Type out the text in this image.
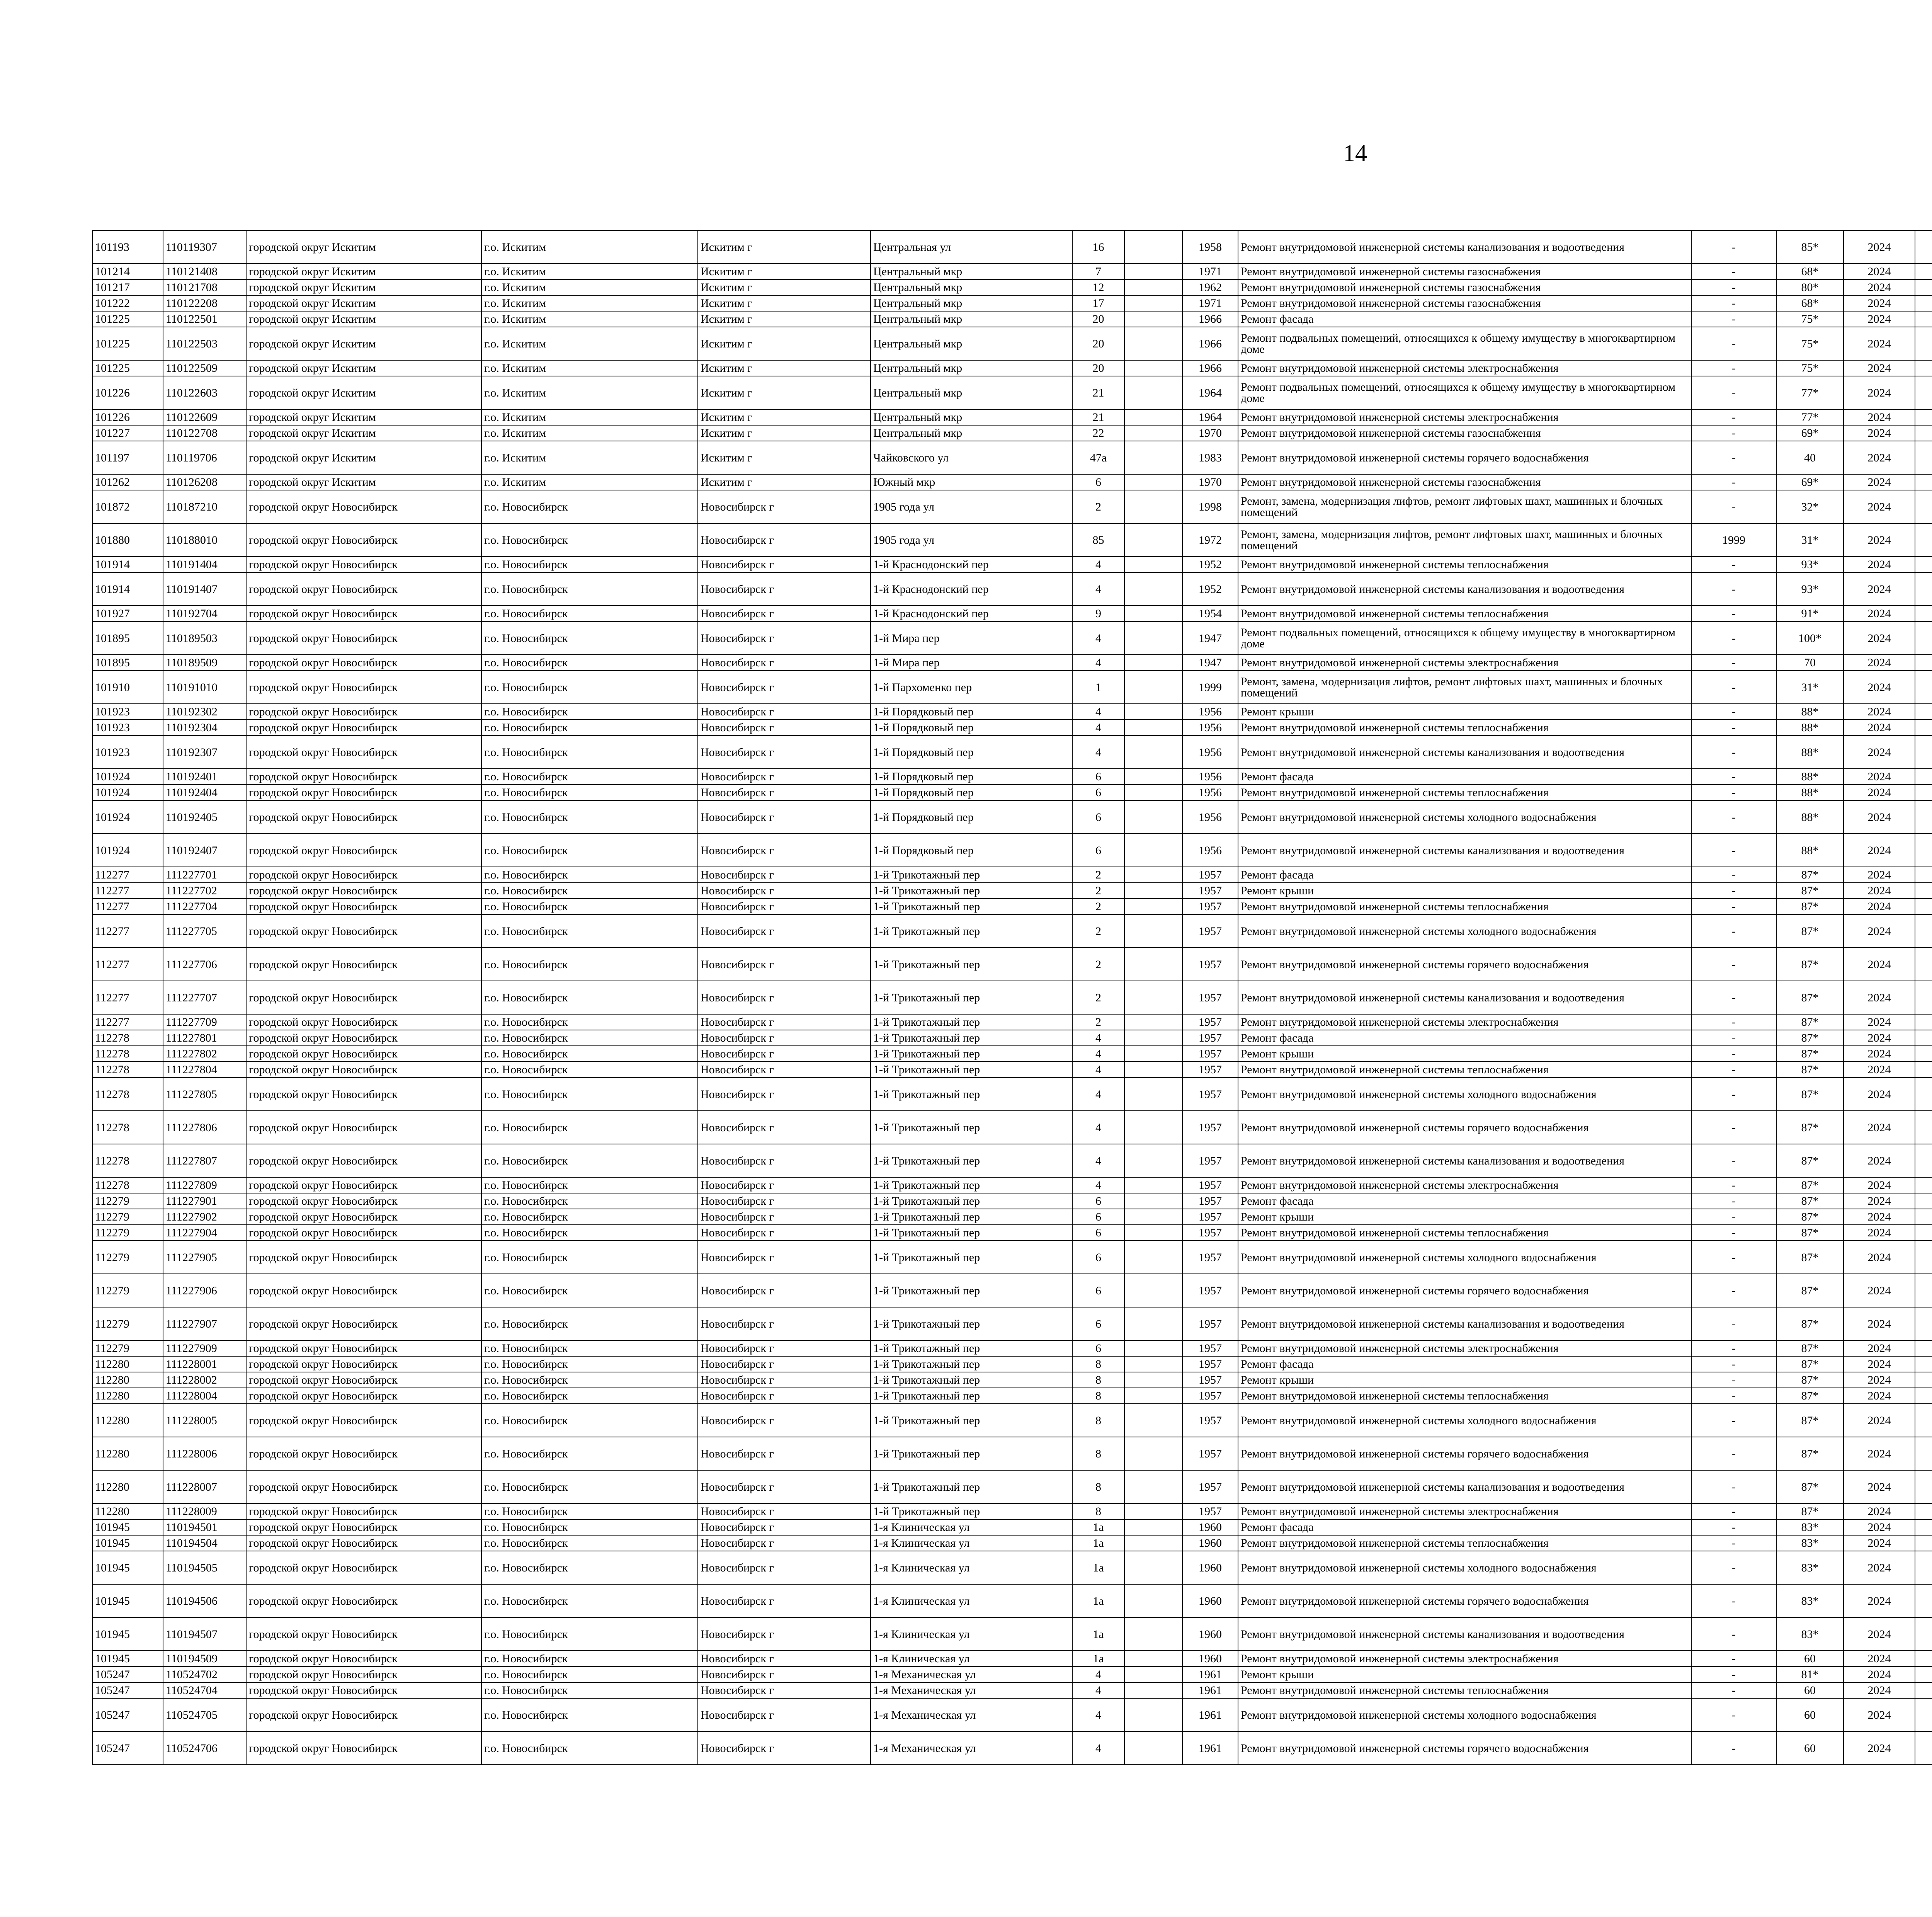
14
101193	110119307	городской округ Искитим	г.о. Искитим	Искитим г	Центральная ул	16		1958	Ремонт внутридомовой инженерной системы канализования и водоотведения	-	85*	2024						
101214	110121408	городской округ Искитим	г.о. Искитим	Искитим г	Центральный мкр	7		1971	Ремонт внутридомовой инженерной системы газоснабжения	-	68*	2024						
101217	110121708	городской округ Искитим	г.о. Искитим	Искитим г	Центральный мкр	12		1962	Ремонт внутридомовой инженерной системы газоснабжения	-	80*	2024						
101222	110122208	городской округ Искитим	г.о. Искитим	Искитим г	Центральный мкр	17		1971	Ремонт внутридомовой инженерной системы газоснабжения	-	68*	2024						
101225	110122501	городской округ Искитим	г.о. Искитим	Искитим г	Центральный мкр	20		1966	Ремонт фасада	-	75*	2024						
101225	110122503	городской округ Искитим	г.о. Искитим	Искитим г	Центральный мкр	20		1966	Ремонт подвальных помещений, относящихся к общему имуществу в многоквартирном доме	-	75*	2024						
101225	110122509	городской округ Искитим	г.о. Искитим	Искитим г	Центральный мкр	20		1966	Ремонт внутридомовой инженерной системы электроснабжения	-	75*	2024						
101226	110122603	городской округ Искитим	г.о. Искитим	Искитим г	Центральный мкр	21		1964	Ремонт подвальных помещений, относящихся к общему имуществу в многоквартирном доме	-	77*	2024						
101226	110122609	городской округ Искитим	г.о. Искитим	Искитим г	Центральный мкр	21		1964	Ремонт внутридомовой инженерной системы электроснабжения	-	77*	2024						
101227	110122708	городской округ Искитим	г.о. Искитим	Искитим г	Центральный мкр	22		1970	Ремонт внутридомовой инженерной системы газоснабжения	-	69*	2024						
101197	110119706	городской округ Искитим	г.о. Искитим	Искитим г	Чайковского ул	47а		1983	Ремонт внутридомовой инженерной системы горячего водоснабжения	-	40	2024						
101262	110126208	городской округ Искитим	г.о. Искитим	Искитим г	Южный мкр	6		1970	Ремонт внутридомовой инженерной системы газоснабжения	-	69*	2024						
101872	110187210	городской округ Новосибирск	г.о. Новосибирск	Новосибирск г	1905 года ул	2		1998	Ремонт, замена, модернизация лифтов, ремонт лифтовых шахт, машинных и блочных помещений	-	32*	2024						
101880	110188010	городской округ Новосибирск	г.о. Новосибирск	Новосибирск г	1905 года ул	85		1972	Ремонт, замена, модернизация лифтов, ремонт лифтовых шахт, машинных и блочных помещений	1999	31*	2024						
101914	110191404	городской округ Новосибирск	г.о. Новосибирск	Новосибирск г	1-й Краснодонский пер	4		1952	Ремонт внутридомовой инженерной системы теплоснабжения	-	93*	2024						
101914	110191407	городской округ Новосибирск	г.о. Новосибирск	Новосибирск г	1-й Краснодонский пер	4		1952	Ремонт внутридомовой инженерной системы канализования и водоотведения	-	93*	2024						
101927	110192704	городской округ Новосибирск	г.о. Новосибирск	Новосибирск г	1-й Краснодонский пер	9		1954	Ремонт внутридомовой инженерной системы теплоснабжения	-	91*	2024						
101895	110189503	городской округ Новосибирск	г.о. Новосибирск	Новосибирск г	1-й Мира пер	4		1947	Ремонт подвальных помещений, относящихся к общему имуществу в многоквартирном доме	-	100*	2024						
101895	110189509	городской округ Новосибирск	г.о. Новосибирск	Новосибирск г	1-й Мира пер	4		1947	Ремонт внутридомовой инженерной системы электроснабжения	-	70	2024						
101910	110191010	городской округ Новосибирск	г.о. Новосибирск	Новосибирск г	1-й Пархоменко пер	1		1999	Ремонт, замена, модернизация лифтов, ремонт лифтовых шахт, машинных и блочных помещений	-	31*	2024						
101923	110192302	городской округ Новосибирск	г.о. Новосибирск	Новосибирск г	1-й Порядковый пер	4		1956	Ремонт крыши	-	88*	2024						
101923	110192304	городской округ Новосибирск	г.о. Новосибирск	Новосибирск г	1-й Порядковый пер	4		1956	Ремонт внутридомовой инженерной системы теплоснабжения	-	88*	2024						
101923	110192307	городской округ Новосибирск	г.о. Новосибирск	Новосибирск г	1-й Порядковый пер	4		1956	Ремонт внутридомовой инженерной системы канализования и водоотведения	-	88*	2024						
101924	110192401	городской округ Новосибирск	г.о. Новосибирск	Новосибирск г	1-й Порядковый пер	6		1956	Ремонт фасада	-	88*	2024						
101924	110192404	городской округ Новосибирск	г.о. Новосибирск	Новосибирск г	1-й Порядковый пер	6		1956	Ремонт внутридомовой инженерной системы теплоснабжения	-	88*	2024						
101924	110192405	городской округ Новосибирск	г.о. Новосибирск	Новосибирск г	1-й Порядковый пер	6		1956	Ремонт внутридомовой инженерной системы холодного водоснабжения	-	88*	2024						
101924	110192407	городской округ Новосибирск	г.о. Новосибирск	Новосибирск г	1-й Порядковый пер	6		1956	Ремонт внутридомовой инженерной системы канализования и водоотведения	-	88*	2024						
112277	111227701	городской округ Новосибирск	г.о. Новосибирск	Новосибирск г	1-й Трикотажный пер	2		1957	Ремонт фасада	-	87*	2024						
112277	111227702	городской округ Новосибирск	г.о. Новосибирск	Новосибирск г	1-й Трикотажный пер	2		1957	Ремонт крыши	-	87*	2024						
112277	111227704	городской округ Новосибирск	г.о. Новосибирск	Новосибирск г	1-й Трикотажный пер	2		1957	Ремонт внутридомовой инженерной системы теплоснабжения	-	87*	2024						
112277	111227705	городской округ Новосибирск	г.о. Новосибирск	Новосибирск г	1-й Трикотажный пер	2		1957	Ремонт внутридомовой инженерной системы холодного водоснабжения	-	87*	2024						
112277	111227706	городской округ Новосибирск	г.о. Новосибирск	Новосибирск г	1-й Трикотажный пер	2		1957	Ремонт внутридомовой инженерной системы горячего водоснабжения	-	87*	2024						
112277	111227707	городской округ Новосибирск	г.о. Новосибирск	Новосибирск г	1-й Трикотажный пер	2		1957	Ремонт внутридомовой инженерной системы канализования и водоотведения	-	87*	2024						
112277	111227709	городской округ Новосибирск	г.о. Новосибирск	Новосибирск г	1-й Трикотажный пер	2		1957	Ремонт внутридомовой инженерной системы электроснабжения	-	87*	2024						
112278	111227801	городской округ Новосибирск	г.о. Новосибирск	Новосибирск г	1-й Трикотажный пер	4		1957	Ремонт фасада	-	87*	2024						
112278	111227802	городской округ Новосибирск	г.о. Новосибирск	Новосибирск г	1-й Трикотажный пер	4		1957	Ремонт крыши	-	87*	2024						
112278	111227804	городской округ Новосибирск	г.о. Новосибирск	Новосибирск г	1-й Трикотажный пер	4		1957	Ремонт внутридомовой инженерной системы теплоснабжения	-	87*	2024						
112278	111227805	городской округ Новосибирск	г.о. Новосибирск	Новосибирск г	1-й Трикотажный пер	4		1957	Ремонт внутридомовой инженерной системы холодного водоснабжения	-	87*	2024						
112278	111227806	городской округ Новосибирск	г.о. Новосибирск	Новосибирск г	1-й Трикотажный пер	4		1957	Ремонт внутридомовой инженерной системы горячего водоснабжения	-	87*	2024						
112278	111227807	городской округ Новосибирск	г.о. Новосибирск	Новосибирск г	1-й Трикотажный пер	4		1957	Ремонт внутридомовой инженерной системы канализования и водоотведения	-	87*	2024						
112278	111227809	городской округ Новосибирск	г.о. Новосибирск	Новосибирск г	1-й Трикотажный пер	4		1957	Ремонт внутридомовой инженерной системы электроснабжения	-	87*	2024						
112279	111227901	городской округ Новосибирск	г.о. Новосибирск	Новосибирск г	1-й Трикотажный пер	6		1957	Ремонт фасада	-	87*	2024						
112279	111227902	городской округ Новосибирск	г.о. Новосибирск	Новосибирск г	1-й Трикотажный пер	6		1957	Ремонт крыши	-	87*	2024						
112279	111227904	городской округ Новосибирск	г.о. Новосибирск	Новосибирск г	1-й Трикотажный пер	6		1957	Ремонт внутридомовой инженерной системы теплоснабжения	-	87*	2024						
112279	111227905	городской округ Новосибирск	г.о. Новосибирск	Новосибирск г	1-й Трикотажный пер	6		1957	Ремонт внутридомовой инженерной системы холодного водоснабжения	-	87*	2024						
112279	111227906	городской округ Новосибирск	г.о. Новосибирск	Новосибирск г	1-й Трикотажный пер	6		1957	Ремонт внутридомовой инженерной системы горячего водоснабжения	-	87*	2024						
112279	111227907	городской округ Новосибирск	г.о. Новосибирск	Новосибирск г	1-й Трикотажный пер	6		1957	Ремонт внутридомовой инженерной системы канализования и водоотведения	-	87*	2024						
112279	111227909	городской округ Новосибирск	г.о. Новосибирск	Новосибирск г	1-й Трикотажный пер	6		1957	Ремонт внутридомовой инженерной системы электроснабжения	-	87*	2024						
112280	111228001	городской округ Новосибирск	г.о. Новосибирск	Новосибирск г	1-й Трикотажный пер	8		1957	Ремонт фасада	-	87*	2024						
112280	111228002	городской округ Новосибирск	г.о. Новосибирск	Новосибирск г	1-й Трикотажный пер	8		1957	Ремонт крыши	-	87*	2024						
112280	111228004	городской округ Новосибирск	г.о. Новосибирск	Новосибирск г	1-й Трикотажный пер	8		1957	Ремонт внутридомовой инженерной системы теплоснабжения	-	87*	2024						
112280	111228005	городской округ Новосибирск	г.о. Новосибирск	Новосибирск г	1-й Трикотажный пер	8		1957	Ремонт внутридомовой инженерной системы холодного водоснабжения	-	87*	2024						
112280	111228006	городской округ Новосибирск	г.о. Новосибирск	Новосибирск г	1-й Трикотажный пер	8		1957	Ремонт внутридомовой инженерной системы горячего водоснабжения	-	87*	2024						
112280	111228007	городской округ Новосибирск	г.о. Новосибирск	Новосибирск г	1-й Трикотажный пер	8		1957	Ремонт внутридомовой инженерной системы канализования и водоотведения	-	87*	2024						
112280	111228009	городской округ Новосибирск	г.о. Новосибирск	Новосибирск г	1-й Трикотажный пер	8		1957	Ремонт внутридомовой инженерной системы электроснабжения	-	87*	2024						
101945	110194501	городской округ Новосибирск	г.о. Новосибирск	Новосибирск г	1-я Клиническая ул	1а		1960	Ремонт фасада	-	83*	2024						
101945	110194504	городской округ Новосибирск	г.о. Новосибирск	Новосибирск г	1-я Клиническая ул	1а		1960	Ремонт внутридомовой инженерной системы теплоснабжения	-	83*	2024						
101945	110194505	городской округ Новосибирск	г.о. Новосибирск	Новосибирск г	1-я Клиническая ул	1а		1960	Ремонт внутридомовой инженерной системы холодного водоснабжения	-	83*	2024						
101945	110194506	городской округ Новосибирск	г.о. Новосибирск	Новосибирск г	1-я Клиническая ул	1а		1960	Ремонт внутридомовой инженерной системы горячего водоснабжения	-	83*	2024						
101945	110194507	городской округ Новосибирск	г.о. Новосибирск	Новосибирск г	1-я Клиническая ул	1а		1960	Ремонт внутридомовой инженерной системы канализования и водоотведения	-	83*	2024						
101945	110194509	городской округ Новосибирск	г.о. Новосибирск	Новосибирск г	1-я Клиническая ул	1а		1960	Ремонт внутридомовой инженерной системы электроснабжения	-	60	2024						
105247	110524702	городской округ Новосибирск	г.о. Новосибирск	Новосибирск г	1-я Механическая ул	4		1961	Ремонт крыши	-	81*	2024						
105247	110524704	городской округ Новосибирск	г.о. Новосибирск	Новосибирск г	1-я Механическая ул	4		1961	Ремонт внутридомовой инженерной системы теплоснабжения	-	60	2024						
105247	110524705	городской округ Новосибирск	г.о. Новосибирск	Новосибирск г	1-я Механическая ул	4		1961	Ремонт внутридомовой инженерной системы холодного водоснабжения	-	60	2024						
105247	110524706	городской округ Новосибирск	г.о. Новосибирск	Новосибирск г	1-я Механическая ул	4		1961	Ремонт внутридомовой инженерной системы горячего водоснабжения	-	60	2024						
